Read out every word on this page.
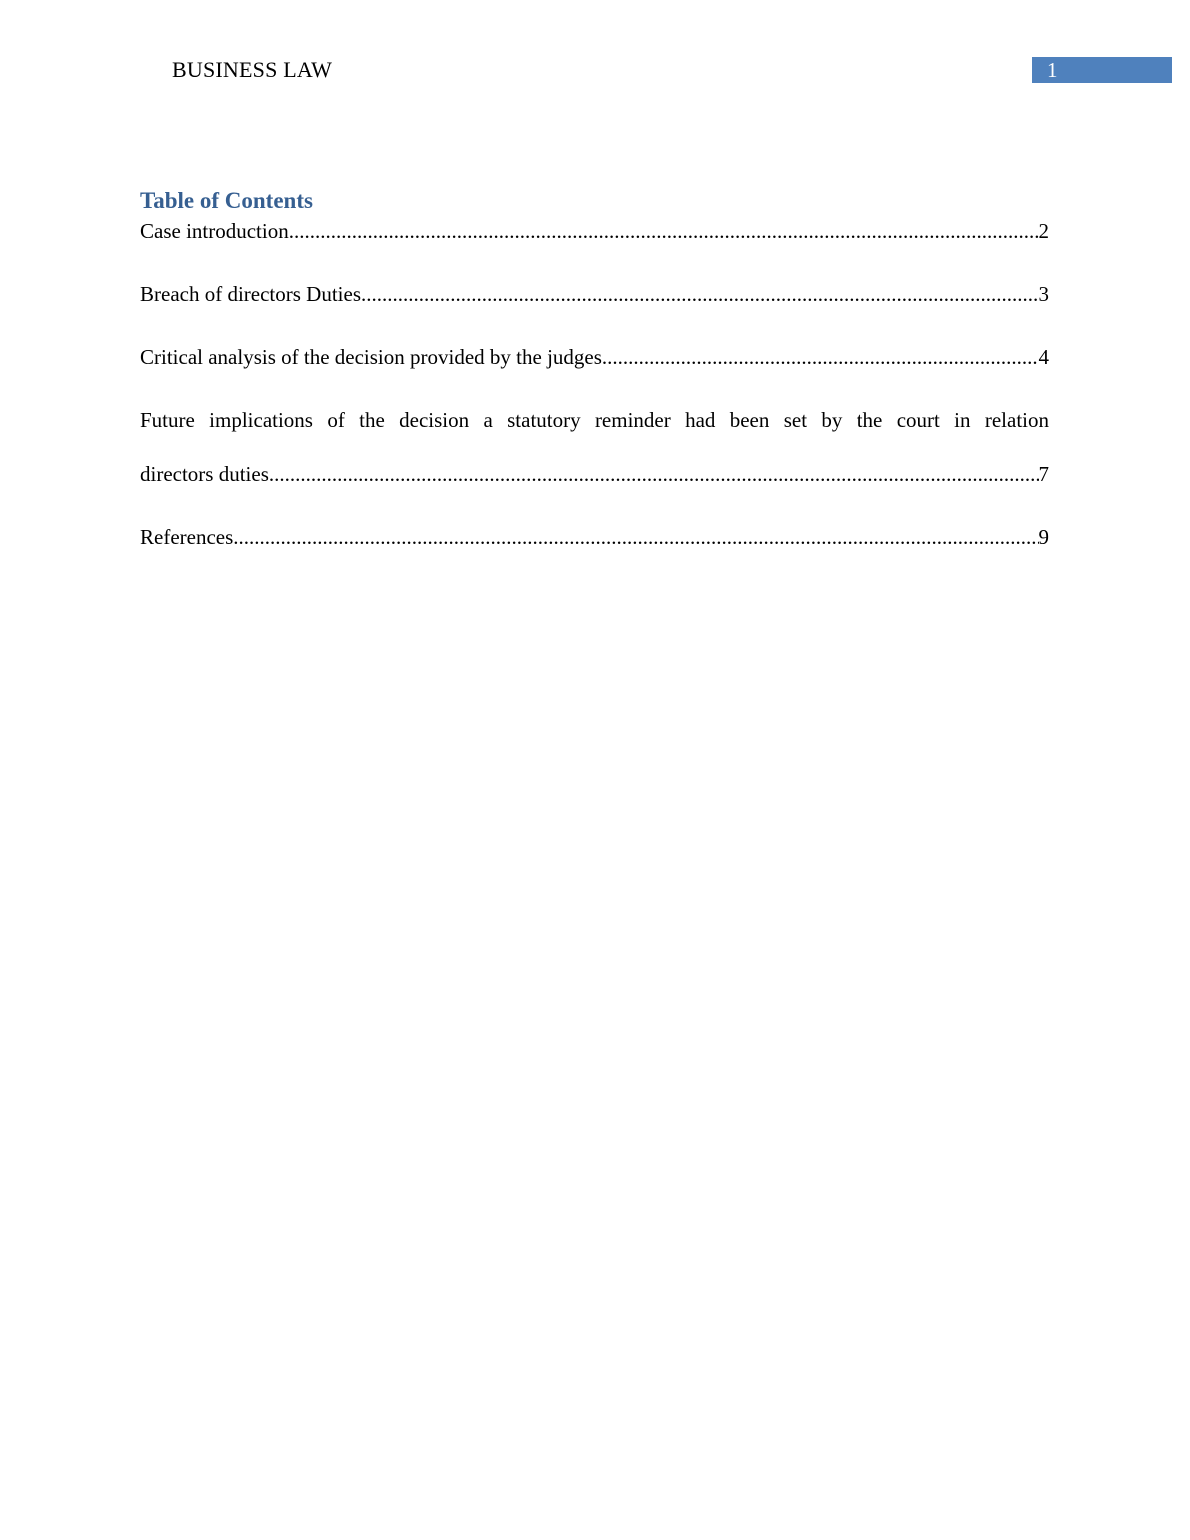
BUSINESS LAW	1
Table of Contents
Case introduction .....	2
Breach of directors Duties .....	3
Critical analysis of the decision provided by the judges .....	4
Future implications of the decision a statutory reminder had been set by the court in relation
directors duties .....	7
References .....	9
